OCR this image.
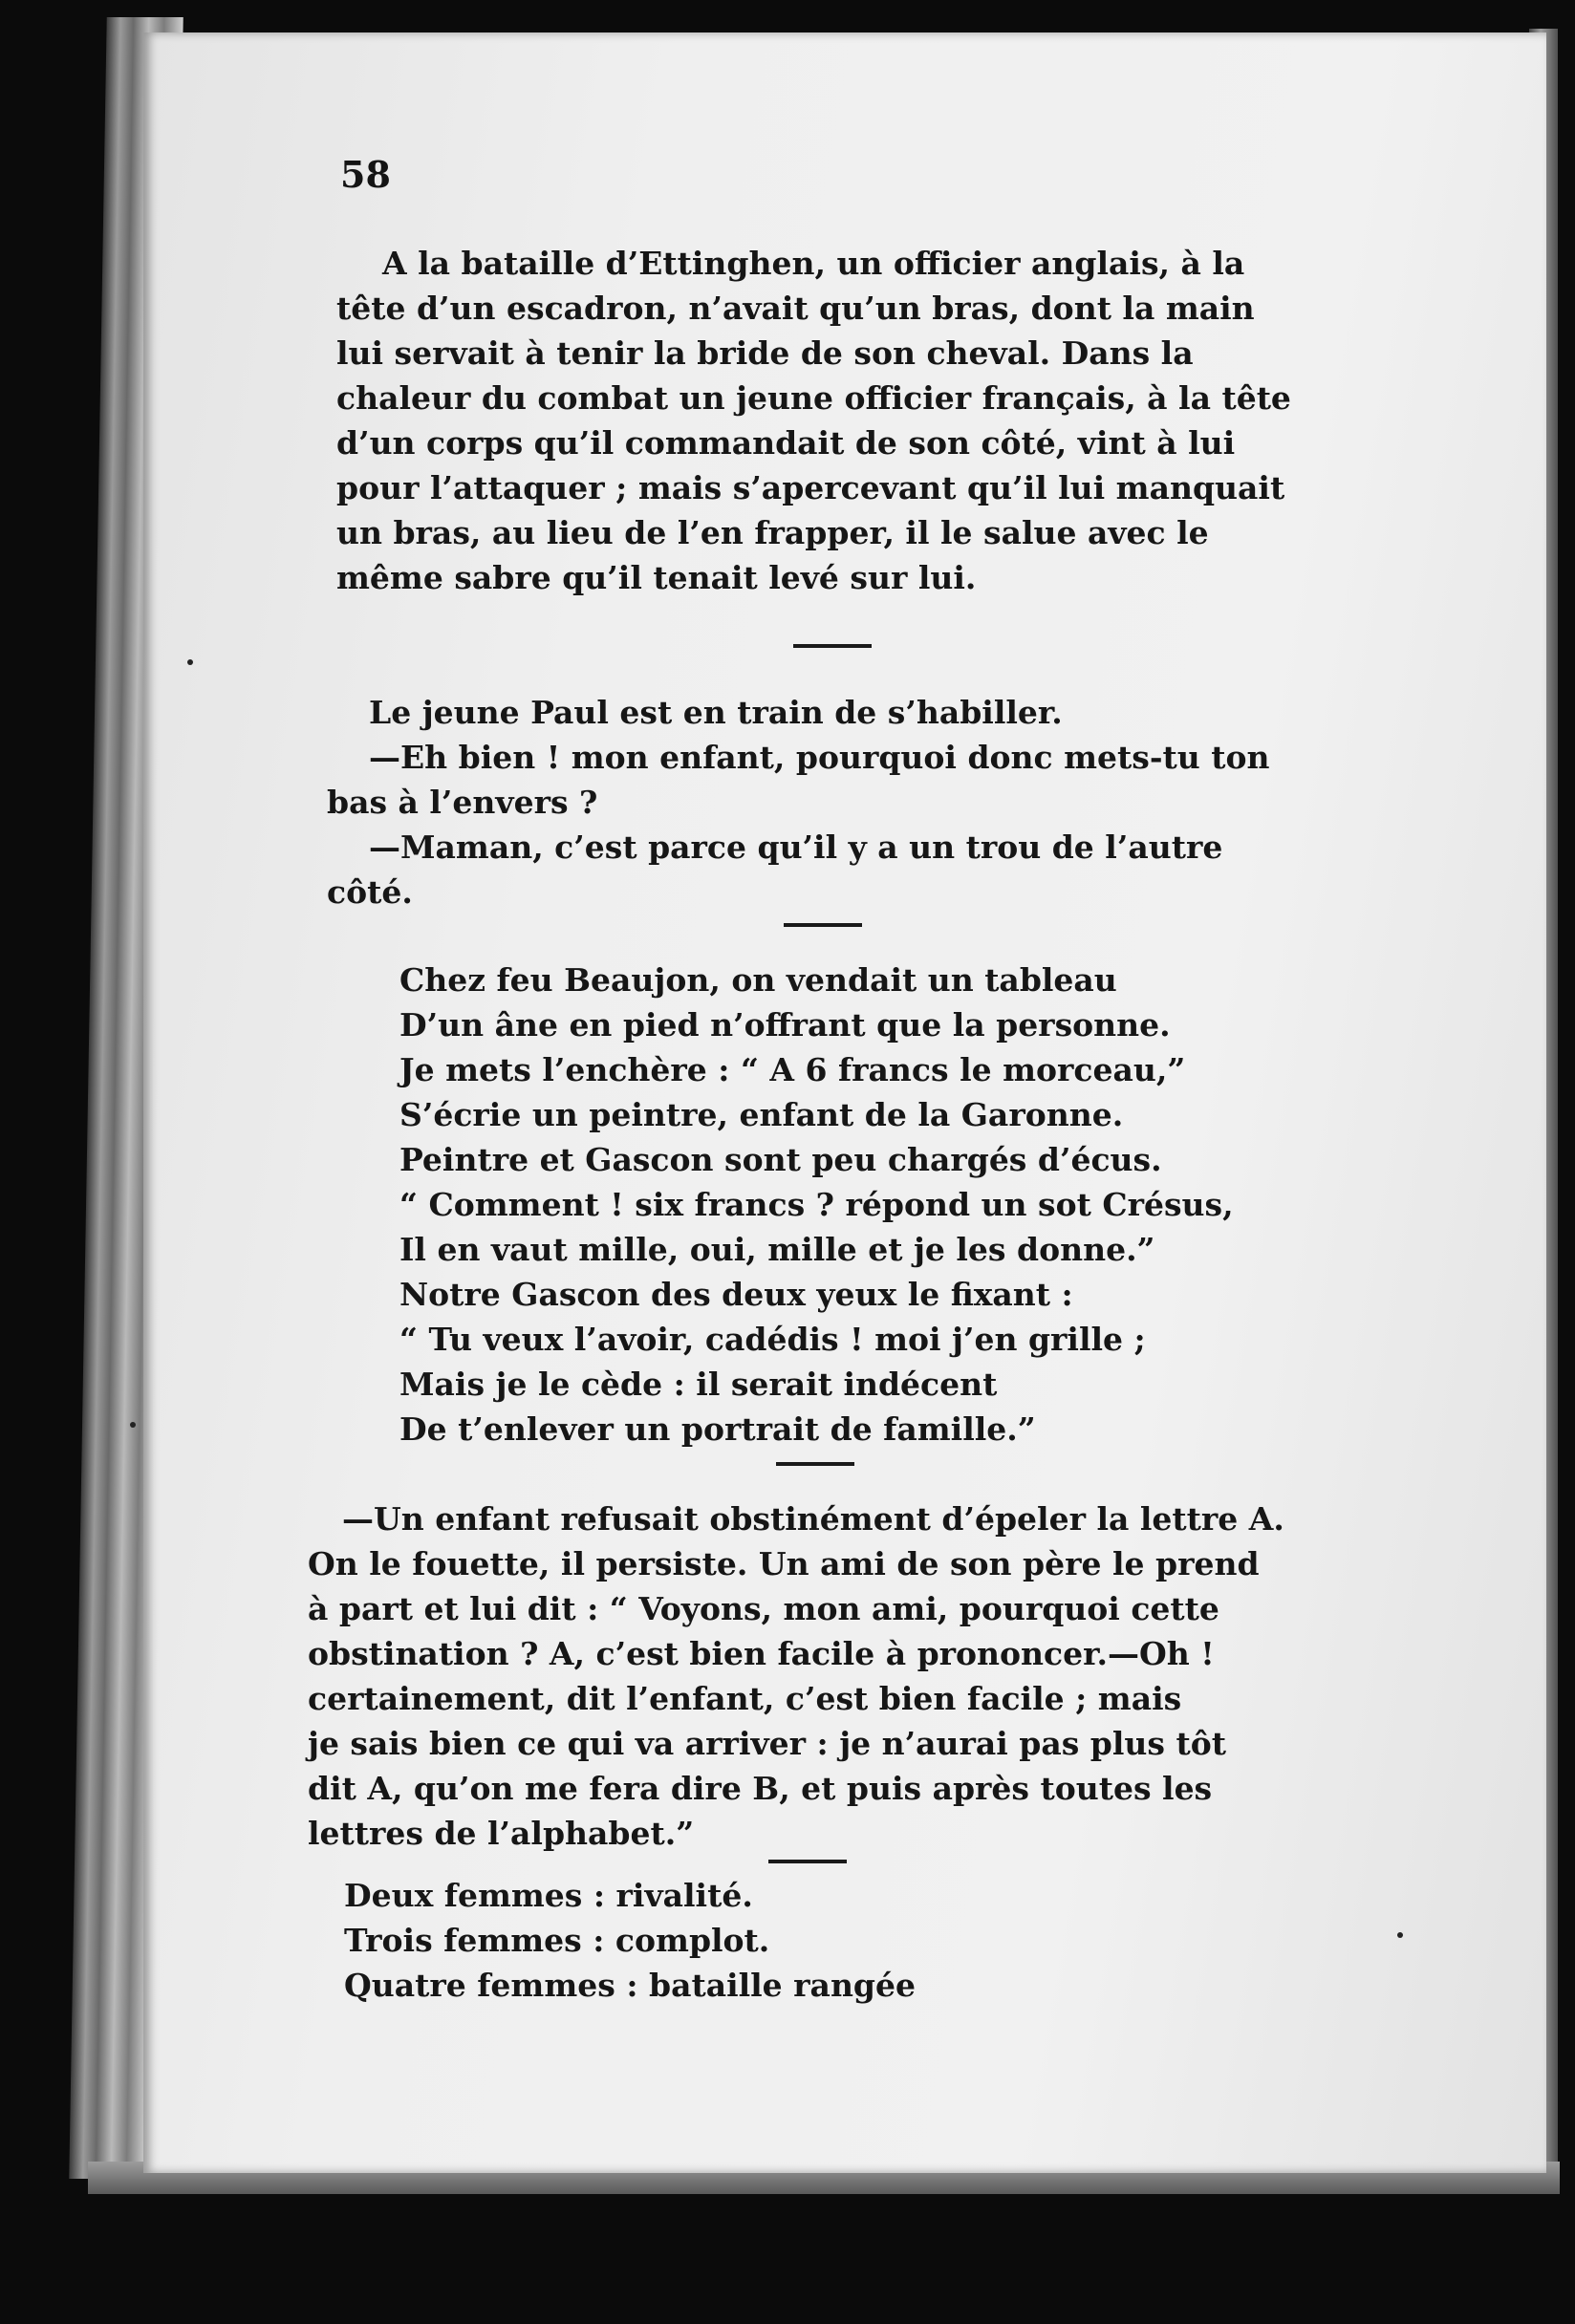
58

A la bataille d’Ettinghen, un officier anglais, à la
tête d’un escadron, n’avait qu’un bras, dont la main
lui servait à tenir la bride de son cheval. Dans la
chaleur du combat un jeune officier français, à la tête
d’un corps qu’il commandait de son côté, vint à lui
pour l’attaquer ; mais s’apercevant qu’il lui manquait
un bras, au lieu de l’en frapper, il le salue avec le
même sabre qu’il tenait levé sur lui.
Le jeune Paul est en train de s’habiller.
—Eh bien ! mon enfant, pourquoi donc mets-tu ton
bas à l’envers ?
—Maman, c’est parce qu’il y a un trou de l’autre
côté.
Chez feu Beaujon, on vendait un tableau
D’un âne en pied n’offrant que la personne.
Je mets l’enchère : “ A 6 francs le morceau,”
S’écrie un peintre, enfant de la Garonne.
Peintre et Gascon sont peu chargés d’écus.
“ Comment ! six francs ? répond un sot Crésus,
Il en vaut mille, oui, mille et je les donne.”
Notre Gascon des deux yeux le fixant :
“ Tu veux l’avoir, cadédis ! moi j’en grille ;
Mais je le cède : il serait indécent
De t’enlever un portrait de famille.”
—Un enfant refusait obstinément d’épeler la lettre A.
On le fouette, il persiste. Un ami de son père le prend
à part et lui dit : “ Voyons, mon ami, pourquoi cette
obstination ? A, c’est bien facile à prononcer.—Oh !
certainement, dit l’enfant, c’est bien facile ; mais
je sais bien ce qui va arriver : je n’aurai pas plus tôt
dit A, qu’on me fera dire B, et puis après toutes les
lettres de l’alphabet.”
Deux femmes : rivalité.
Trois femmes : complot.
Quatre femmes : bataille rangée
